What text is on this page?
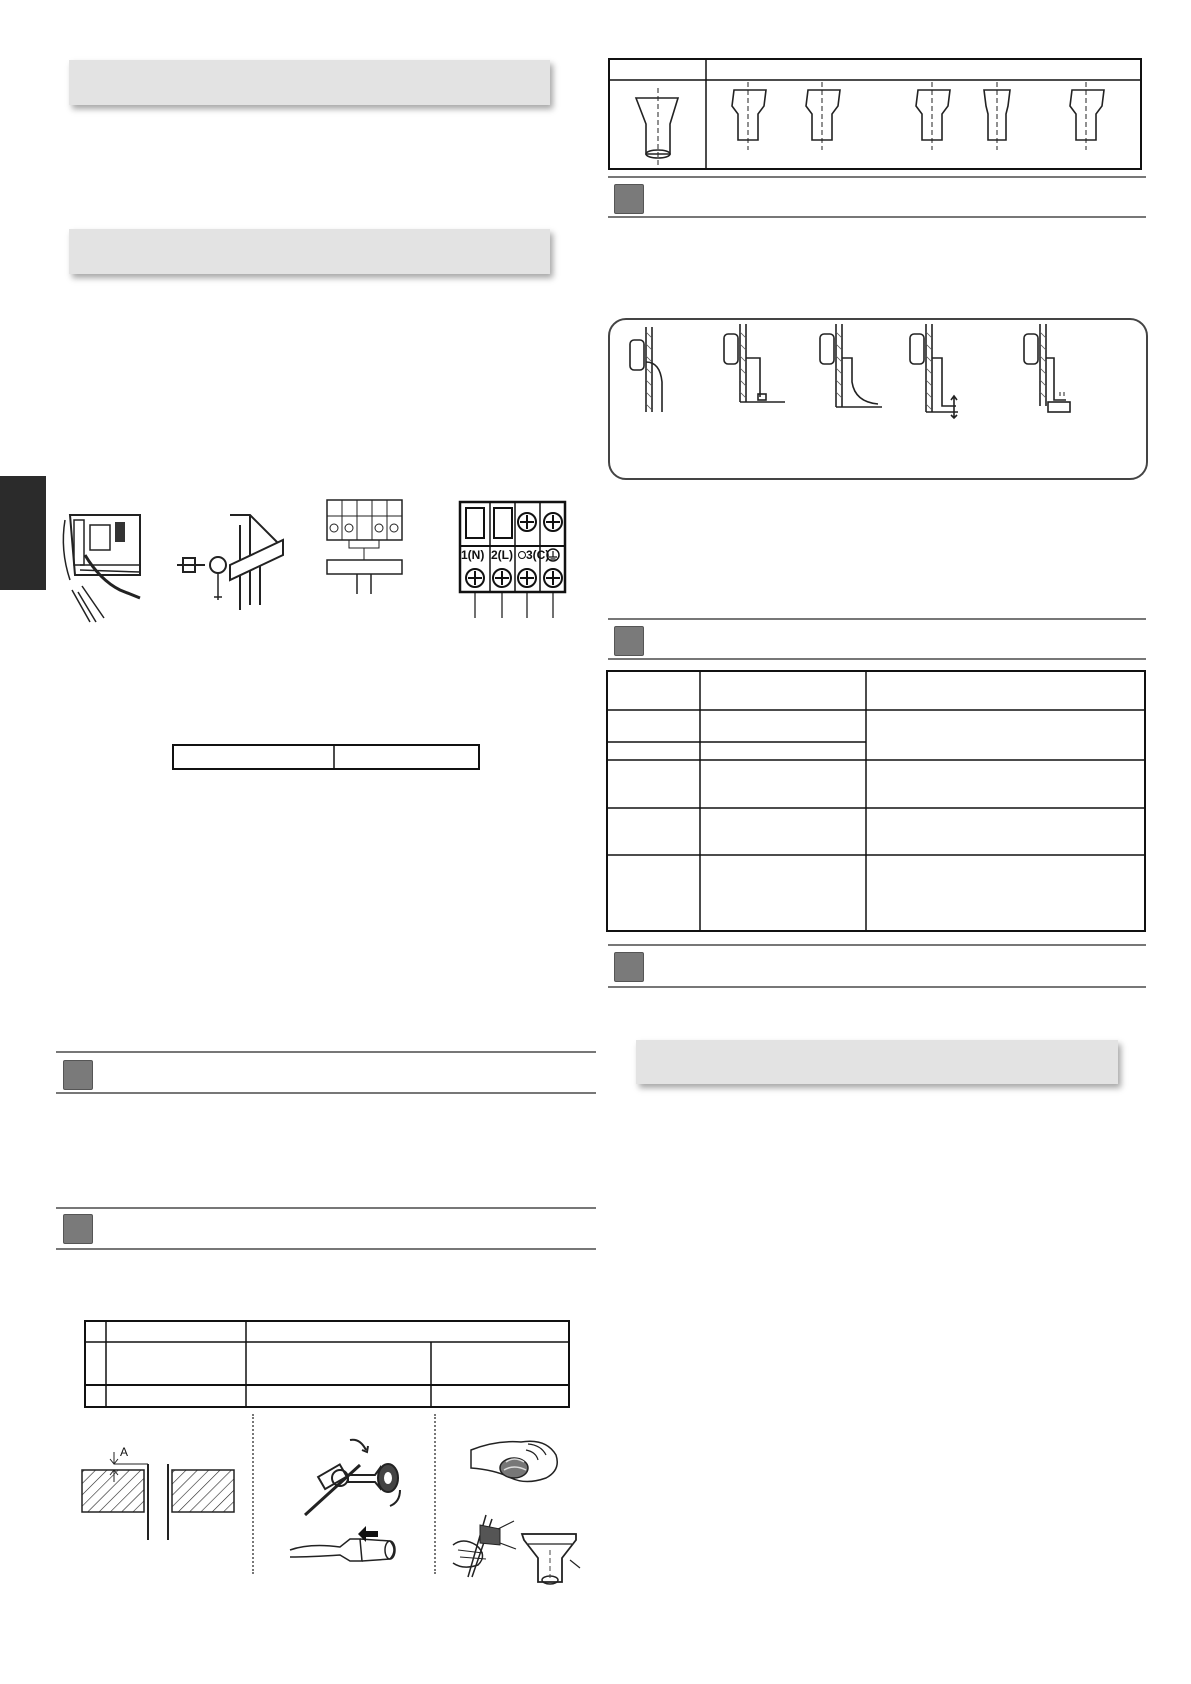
1(N) 2(L) 3(C)
A
